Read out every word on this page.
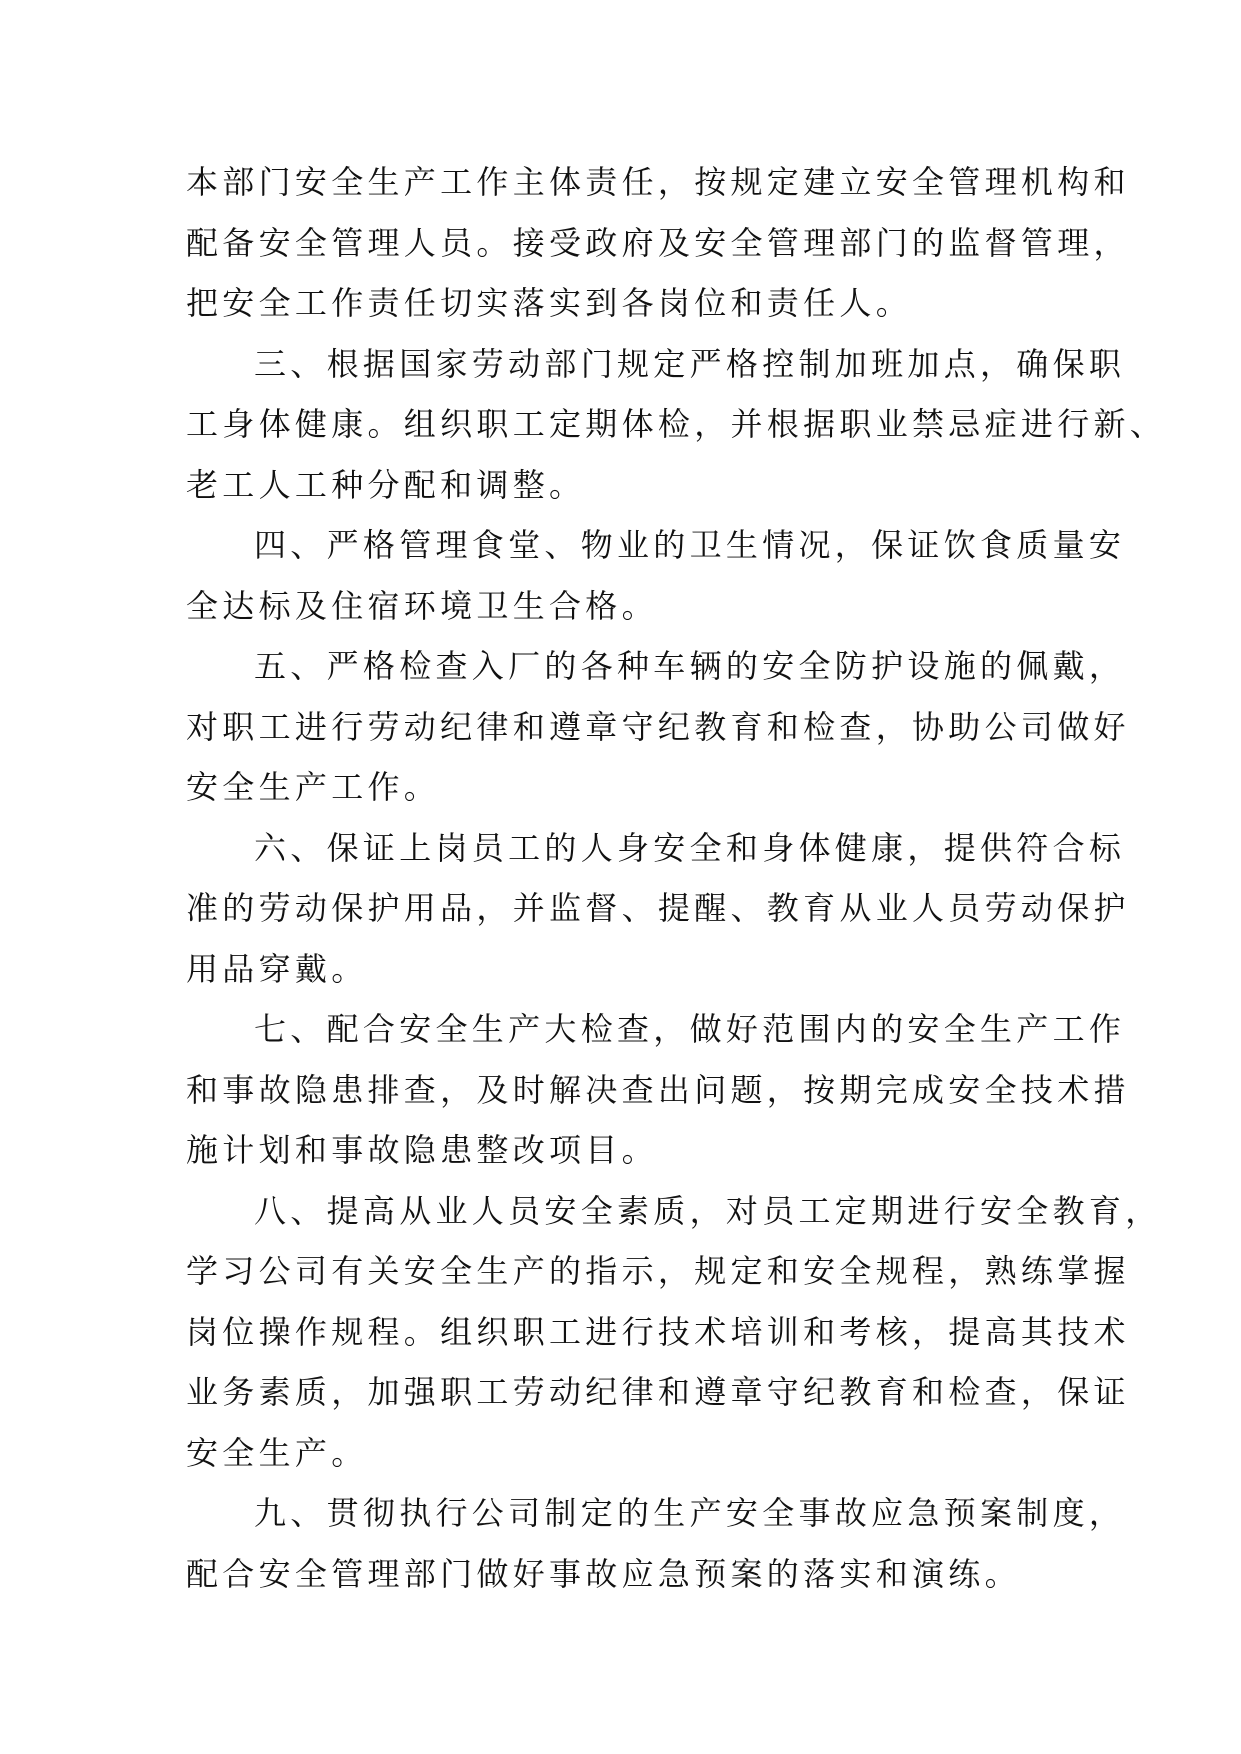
本部门安全生产工作主体责任，按规定建立安全管理机构和
配备安全管理人员。接受政府及安全管理部门的监督管理，
把安全工作责任切实落实到各岗位和责任人。
三、根据国家劳动部门规定严格控制加班加点，确保职
工身体健康。组织职工定期体检，并根据职业禁忌症进行新、
老工人工种分配和调整。
四、严格管理食堂、物业的卫生情况，保证饮食质量安
全达标及住宿环境卫生合格。
五、严格检查入厂的各种车辆的安全防护设施的佩戴，
对职工进行劳动纪律和遵章守纪教育和检查，协助公司做好
安全生产工作。
六、保证上岗员工的人身安全和身体健康，提供符合标
准的劳动保护用品，并监督、提醒、教育从业人员劳动保护
用品穿戴。
七、配合安全生产大检查，做好范围内的安全生产工作
和事故隐患排查，及时解决查出问题，按期完成安全技术措
施计划和事故隐患整改项目。
八、提高从业人员安全素质，对员工定期进行安全教育，
学习公司有关安全生产的指示，规定和安全规程，熟练掌握
岗位操作规程。组织职工进行技术培训和考核，提高其技术
业务素质，加强职工劳动纪律和遵章守纪教育和检查，保证
安全生产。
九、贯彻执行公司制定的生产安全事故应急预案制度，
配合安全管理部门做好事故应急预案的落实和演练。
